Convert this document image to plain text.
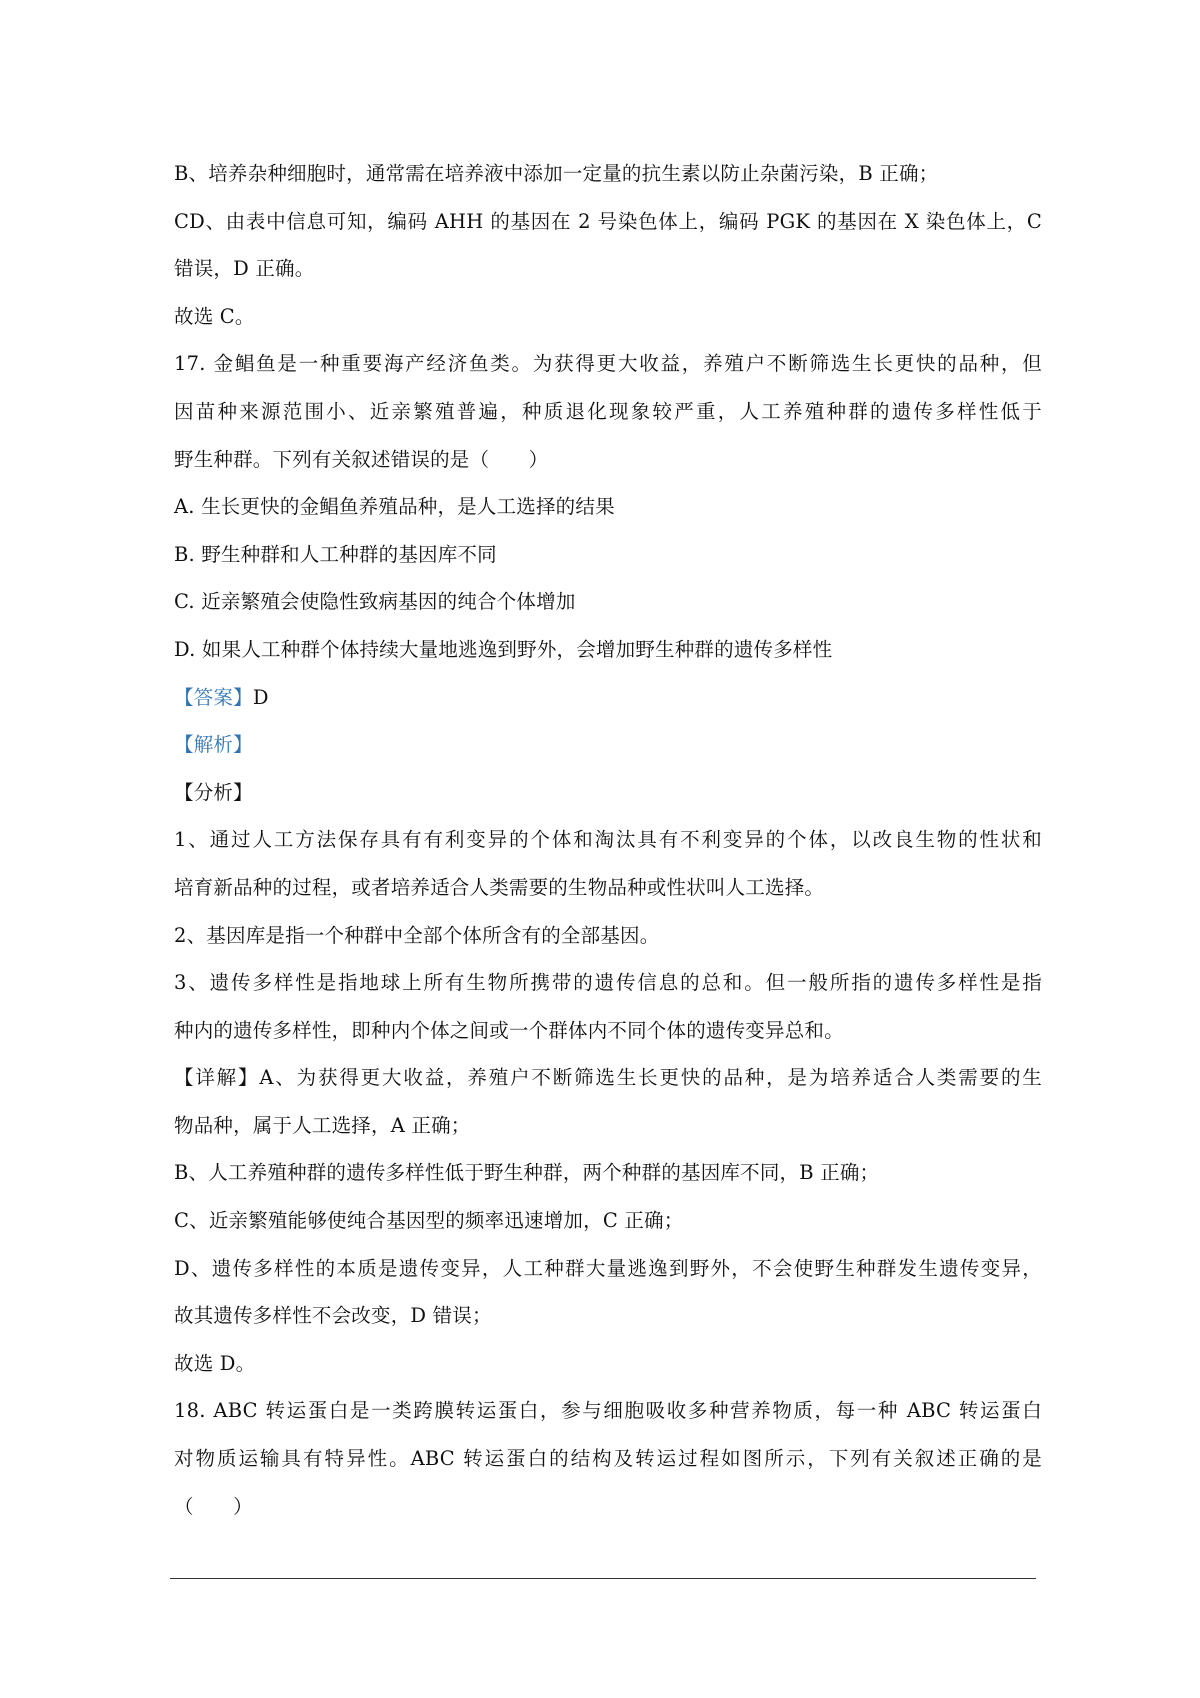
B、培养杂种细胞时，通常需在培养液中添加一定量的抗生素以防止杂菌污染，B 正确；
CD、由表中信息可知，编码 AHH 的基因在 2 号染色体上，编码 PGK 的基因在 X 染色体上，C
错误，D 正确。
故选 C。
17. 金鲳鱼是一种重要海产经济鱼类。为获得更大收益，养殖户不断筛选生长更快的品种，但
因苗种来源范围小、近亲繁殖普遍，种质退化现象较严重，人工养殖种群的遗传多样性低于
野生种群。下列有关叙述错误的是（　　）
A. 生长更快的金鲳鱼养殖品种，是人工选择的结果
B. 野生种群和人工种群的基因库不同
C. 近亲繁殖会使隐性致病基因的纯合个体增加
D. 如果人工种群个体持续大量地逃逸到野外，会增加野生种群的遗传多样性
【答案】D
【解析】
【分析】
1、通过人工方法保存具有有利变异的个体和淘汰具有不利变异的个体，以改良生物的性状和
培育新品种的过程，或者培养适合人类需要的生物品种或性状叫人工选择。
2、基因库是指一个种群中全部个体所含有的全部基因。
3、遗传多样性是指地球上所有生物所携带的遗传信息的总和。但一般所指的遗传多样性是指
种内的遗传多样性，即种内个体之间或一个群体内不同个体的遗传变异总和。
【详解】A、为获得更大收益，养殖户不断筛选生长更快的品种，是为培养适合人类需要的生
物品种，属于人工选择，A 正确；
B、人工养殖种群的遗传多样性低于野生种群，两个种群的基因库不同，B 正确；
C、近亲繁殖能够使纯合基因型的频率迅速增加，C 正确；
D、遗传多样性的本质是遗传变异，人工种群大量逃逸到野外，不会使野生种群发生遗传变异，
故其遗传多样性不会改变，D 错误；
故选 D。
18. ABC 转运蛋白是一类跨膜转运蛋白，参与细胞吸收多种营养物质，每一种 ABC 转运蛋白
对物质运输具有特异性。ABC 转运蛋白的结构及转运过程如图所示，下列有关叙述正确的是
（　　）
